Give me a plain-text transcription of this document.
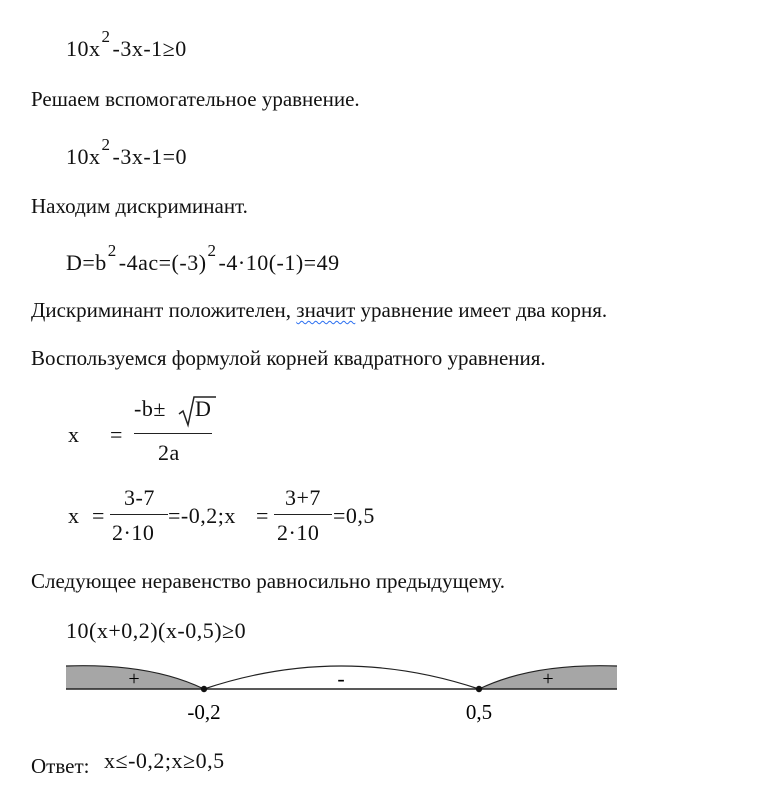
$10x^2-3x-1\ge 0$
Решаем вспомогательное уравнение.
$10x^2-3x-1=0$
Находим дискриминант.
$D=b^2-4ac=(-3)^2-4\cdot 10(-1)=49$
Дискриминант положителен, значит уравнение имеет два корня.
Воспользуемся формулой корней квадратного уравнения.
x =
-b± D
2a
x =
3-7
2·10
=-0,2;x =
3+7
2·10
=0,5
Следующее неравенство равносильно предыдущему.
10(x+0,2)(x-0,5)≥0
+	-	+
-0,2	0,5
Ответ: x≤-0,2;x≥0,5
